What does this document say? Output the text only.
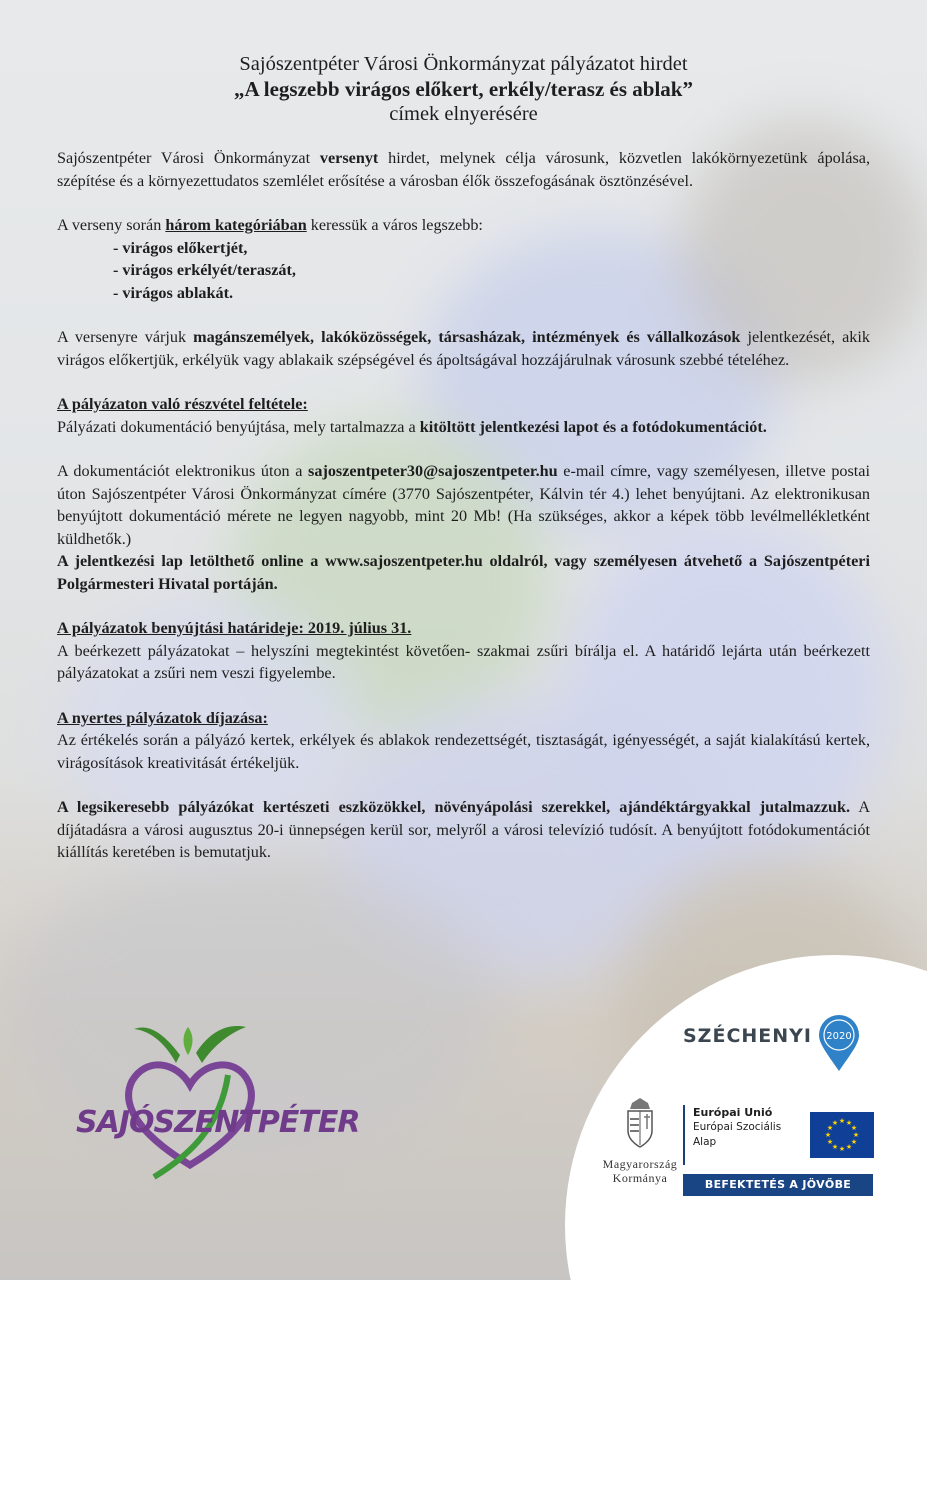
Sajószentpéter Városi Önkormányzat pályázatot hirdet
„A legszebb virágos előkert, erkély/terasz és ablak”
címek elnyerésére

Sajószentpéter Városi Önkormányzat versenyt hirdet, melynek célja városunk, közvetlen lakókörnyezetünk ápolása, szépítése és a környezettudatos szemlélet erősítése a városban élők összefogásának ösztönzésével.

A verseny során három kategóriában keressük a város legszebb:

- virágos előkertjét,
- virágos erkélyét/teraszát,
- virágos ablakát.

A versenyre várjuk magánszemélyek, lakóközösségek, társasházak, intézmények és vállalkozások jelentkezését, akik virágos előkertjük, erkélyük vagy ablakaik szépségével és ápoltságával hozzájárulnak városunk szebbé tételéhez.

A pályázaton való részvétel feltétele:

Pályázati dokumentáció benyújtása, mely tartalmazza a kitöltött jelentkezési lapot és a fotódokumentációt.

A dokumentációt elektronikus úton a sajoszentpeter30@sajoszentpeter.hu e-mail címre, vagy személyesen, illetve postai úton Sajószentpéter Városi Önkormányzat címére (3770 Sajószentpéter, Kálvin tér 4.) lehet benyújtani. Az elektronikusan benyújtott dokumentáció mérete ne legyen nagyobb, mint 20 Mb! (Ha szükséges, akkor a képek több levélmellékletként küldhetők.)

A jelentkezési lap letölthető online a www.sajoszentpeter.hu oldalról, vagy személyesen átvehető a Sajószentpéteri Polgármesteri Hivatal portáján.

A pályázatok benyújtási határideje: 2019. július 31.

A beérkezett pályázatokat – helyszíni megtekintést követően- szakmai zsűri bírálja el. A határidő lejárta után beérkezett pályázatokat a zsűri nem veszi figyelembe.

A nyertes pályázatok díjazása:

Az értékelés során a pályázó kertek, erkélyek és ablakok rendezettségét, tisztaságát, igényességét, a saját kialakítású kertek, virágosítások kreativitását értékeljük.

A legsikeresebb pályázókat kertészeti eszközökkel, növényápolási szerekkel, ajándéktárgyakkal jutalmazzuk. A díjátadásra a városi augusztus 20-i ünnepségen kerül sor, melyről a városi televízió tudósít. A benyújtott fotódokumentációt kiállítás keretében is bemutatjuk.

SAJÓSZENTPÉTER
SZÉCHENYI 2020
Magyarország
Kormánya
Európai Unió
Európai Szociális
Alap
★ ★
★
★
★
★
★
★
★
★
★
★
BEFEKTETÉS A JÖVŐBE
